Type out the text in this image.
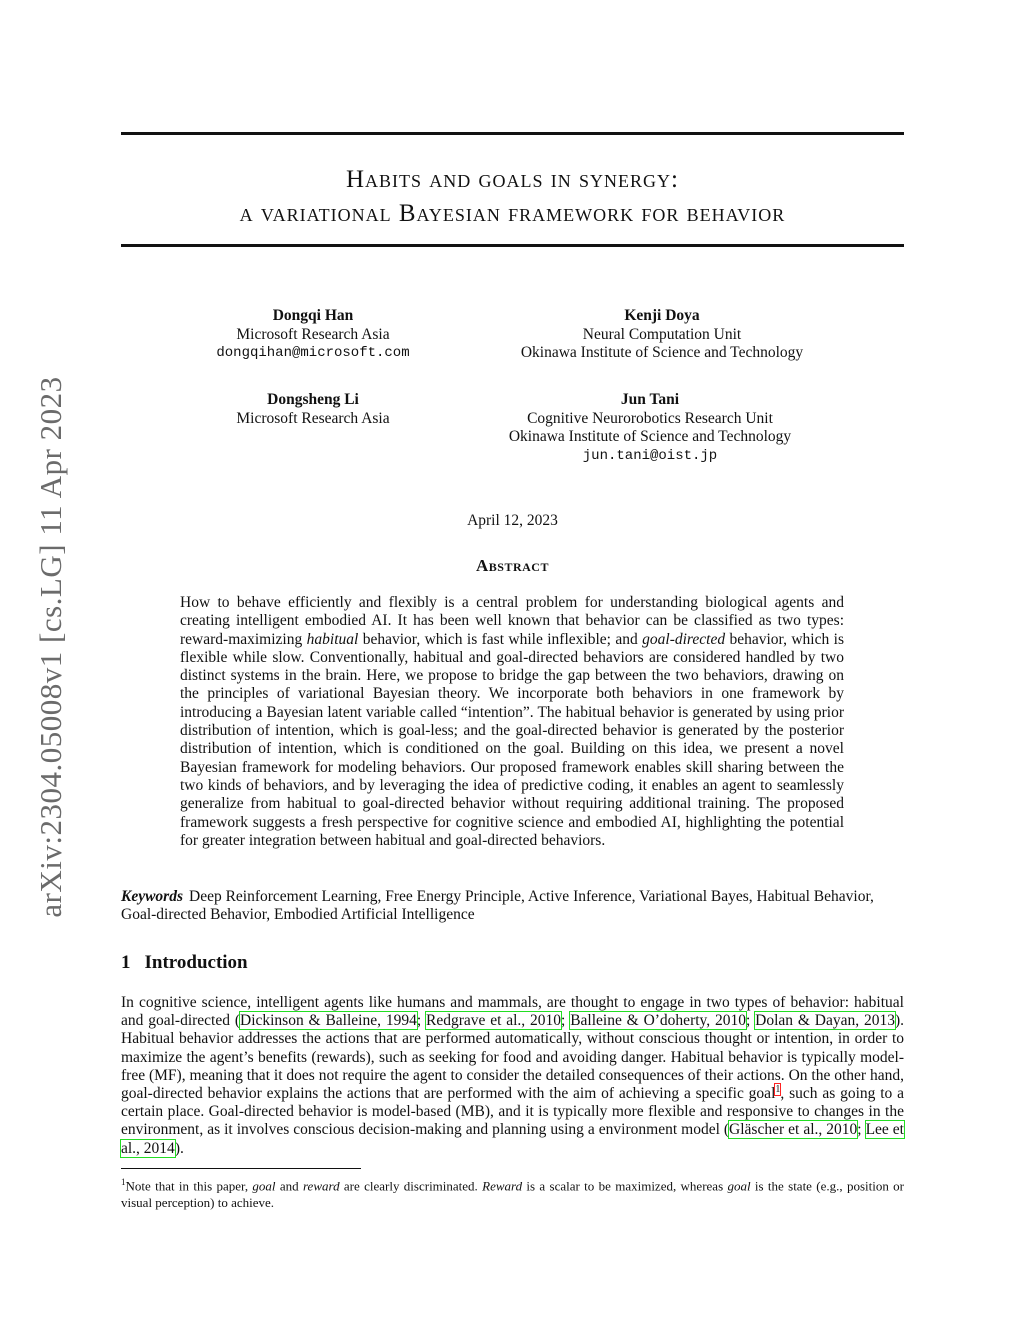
arXiv:2304.05008v1 [cs.LG] 11 Apr 2023
Habits and goals in synergy:
a variational Bayesian framework for behavior
Dongqi Han
Microsoft Research Asia
dongqihan@microsoft.com
Kenji Doya
Neural Computation Unit
Okinawa Institute of Science and Technology
Dongsheng Li
Microsoft Research Asia
Jun Tani
Cognitive Neurorobotics Research Unit
Okinawa Institute of Science and Technology
jun.tani@oist.jp
April 12, 2023
Abstract

How to behave efficiently and flexibly is a central problem for understanding biological agents and creating intelligent embodied AI. It has been well known that behavior can be classified as two types: reward-maximizing habitual behavior, which is fast while inflexible; and goal-directed behavior, which is flexible while slow. Conventionally, habitual and goal-directed behaviors are considered handled by two distinct systems in the brain. Here, we propose to bridge the gap between the two behaviors, drawing on the principles of variational Bayesian theory. We incorporate both behaviors in one framework by introducing a Bayesian latent variable called “intention”. The habitual behavior is generated by using prior distribution of intention, which is goal-less; and the goal-directed behavior is generated by the posterior distribution of intention, which is conditioned on the goal. Building on this idea, we present a novel Bayesian framework for modeling behaviors. Our proposed framework enables skill sharing between the two kinds of behaviors, and by leveraging the idea of predictive coding, it enables an agent to seamlessly generalize from habitual to goal-directed behavior without requiring additional training. The proposed framework suggests a fresh perspective for cognitive science and embodied AI, highlighting the potential for greater integration between habitual and goal-directed behaviors.

Keywords Deep Reinforcement Learning, Free Energy Principle, Active Inference, Variational Bayes, Habitual Behavior, Goal-directed Behavior, Embodied Artificial Intelligence

1 Introduction

In cognitive science, intelligent agents like humans and mammals, are thought to engage in two types of behavior: habitual and goal-directed (Dickinson & Balleine, 1994; Redgrave et al., 2010; Balleine & O’doherty, 2010; Dolan & Dayan, 2013). Habitual behavior addresses the actions that are performed automatically, without conscious thought or intention, in order to maximize the agent’s benefits (rewards), such as seeking for food and avoiding danger. Habitual behavior is typically model-free (MF), meaning that it does not require the agent to consider the detailed consequences of their actions. On the other hand, goal-directed behavior explains the actions that are performed with the aim of achieving a specific goal$^1$, such as going to a certain place. Goal-directed behavior is model-based (MB), and it is typically more flexible and responsive to changes in the environment, as it involves conscious decision-making and planning using a environment model (Gläscher et al., 2010; Lee et al., 2014).

$^1$Note that in this paper, goal and reward are clearly discriminated. Reward is a scalar to be maximized, whereas goal is the state (e.g., position or visual perception) to achieve.
